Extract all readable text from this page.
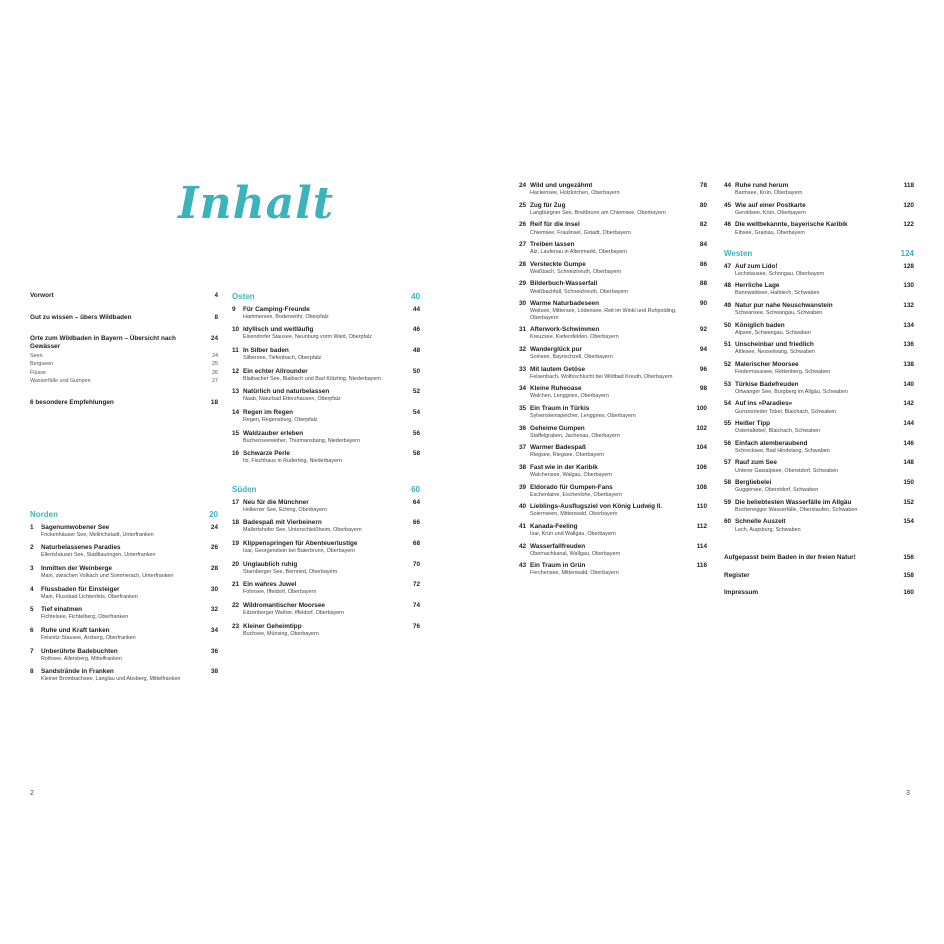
Inhalt
Vorwort	4
Gut zu wissen – übers Wildbaden	8
Orte zum Wildbaden in Bayern – Übersicht nach Gewässer
24
Seen	24
Bergseen	25
Flüsse	26
Wasserfälle und Gumpen	27
6 besondere Empfehlungen	18
Norden	20
1	Sagenumwobener See	24
Frickenhäuser See, Mellrichstadt, Unterfranken
2	Naturbelassenes Paradies	26
Ellertshäuser See, Stadtlauringen, Unterfranken
3	Inmitten der Weinberge	28
Main, zwischen Volkach und Sommerach, Unterfranken
4	Flussbaden für Einsteiger	30
Main, Flussbad Lichtenfels, Oberfranken
5	Tief einatmen	32
Fichtelsee, Fichtelberg, Oberfranken
6	Ruhe und Kraft tanken	34
Feisnitz-Stausee, Arzberg, Oberfranken
7	Unberührte Badebuchten	36
Rothsee, Allersberg, Mittelfranken
8	Sandstrände in Franken	38
Kleiner Brombachsee, Langlau und Absberg, Mittelfranken
Osten	40
9	Für Camping-Freunde	44
Hammersee, Bodenwöhr, Oberpfalz
10 Idyllisch und weitläufig	46
Eixendorfer Stausee, Neunburg vorm Wald, Oberpfalz
11 In Silber baden	48
Silbersee, Tiefenbach, Oberpfalz
12 Ein echter Allrounder	50
Blaibacher See, Blaibach und Bad Kötzting, Niederbayern
13 Natürlich und naturbelassen	52
Naab, Naturbad Etterzhausen, Oberpfalz
14 Regen im Regen	54
Regen, Regensburg, Oberpfalz
15 Waldzauber erleben	56
Buchenseeweiher, Thurmansbang, Niederbayern
16 Schwarze Perle	58
Ilz, Fischhaus in Ruderting, Niederbayern
Süden	60
17 Neu für die Münchner	64
Hollerner See, Eching, Oberbayern
18 Badespaß mit Vierbeinern	66
Mallertshofer See, Unterschleißheim, Oberbayern
19 Klippenspringen für Abenteuerlustige	68
Isar, Georgenstein bei Baierbrunn, Oberbayern
20 Unglaublich ruhig	70
Starnberger See, Bernried, Oberbayern
21 Ein wahres Juwel	72
Fohnsee, Iffeldorf, Oberbayern
22 Wildromantischer Moorsee	74
Eitzenberger Weiher, Iffeldorf, Oberbayern
23 Kleiner Geheimtipp	76
Buchsee, Münsing, Oberbayern
24 Wild und ungezähmt	78
Hackensee, Holzkirchen, Oberbayern
25 Zug für Zug	80
Langbürgner See, Breitbrunn am Chiemsee, Oberbayern
26 Reif für die Insel	82
Chiemsee, Fraulinsel, Gstadt, Oberbayern
27 Treiben lassen	84
Alz, Laufenau in Altenmarkt, Oberbayern
28 Versteckte Gumpe	86
Weißbach, Schneizlreuth, Oberbayern
29 Bilderbuch-Wasserfall	88
Weißbachfall, Schneizlreuth, Oberbayern
30 Warme Naturbadeseen	90
Weitsee, Mittersee, Lödensee, Reit im Winkl und Ruhpolding, Oberbayern
31 Afterwork-Schwimmen	92
Kreuzsee, Kiefersfelden, Oberbayern
32 Wanderglück pur	94
Soinsee, Bayrischzell, Oberbayern
33 Mit lautem Getöse	96
Felsenbach, Wolfsschlucht bei Wildbad Kreuth, Oberbayern
34 Kleine Ruheoase	98
Walchen, Lenggries, Oberbayern
35 Ein Traum in Türkis	100
Sylvensteinspeicher, Lenggries, Oberbayern
36 Geheime Gumpen	102
Staffelgraben, Jachenau, Oberbayern
37 Warmer Badespaß	104
Riegsee, Riegsee, Oberbayern
38 Fast wie in der Karibik	106
Walchensee, Walgau, Oberbayern
39 Eldorado für Gumpen-Fans	108
Eschenlaine, Eschenlohe, Oberbayern
40 Lieblings-Ausflugsziel von König Ludwig II.	110
Soiernseen, Mittenwald, Oberbayern
41 Kanada-Feeling	112
Isar, Krün und Wallgau, Oberbayern
42 Wasserfallfreuden	114
Obernachkanal, Wallgau, Oberbayern
43 Ein Traum in Grün	116
Ferchensee, Mittenwald, Oberbayern
44 Ruhe rund herum	118
Barmsee, Krün, Oberbayern
45 Wie auf einer Postkarte	120
Geroldsee, Krün, Oberbayern
46 Die weltbekannte, bayerische Karibik	122
Eibsee, Grainau, Oberbayern
Westen	124
47 Auf zum Lido!	128
Lechstausee, Schongau, Oberbayern
48 Herrliche Lage	130
Bannwaldsee, Halblech, Schwaben
49 Natur pur nahe Neuschwanstein	132
Schwansee, Schwangau, Schwaben
50 Königlich baden	134
Alpsee, Schwangau, Schwaben
51 Unscheinbar und friedlich	136
Attlesee, Nesselwang, Schwaben
52 Malerischer Moorsee	138
Fiedermaussee, Rettenberg, Schwaben
53 Türkise Badefreuden	140
Ortwanger See, Burgberg im Allgäu, Schwaben
54 Auf ins »Paradies«	142
Gunzesrieder Tobel, Blaichach, Schwaben
55 Heißer Tipp	144
Ostertaltobel, Blaichach, Schwaben
56 Einfach atemberaubend	146
Schrecksee, Bad Hindelang, Schwaben
57 Rauf zum See	148
Unterer Gaisalpsee, Oberstdorf, Schwaben
58 Bergliebelei	150
Guggersee, Oberstdorf, Schwaben
59 Die beliebtesten Wasserfälle im Allgäu	152
Buchenegger Wasserfälle, Oberstaufen, Schwaben
60 Schnelle Auszeit	154
Lech, Augsburg, Schwaben
Aufgepasst beim Baden in der freien Natur!	156
Register	158
Impressum	160
2	3
